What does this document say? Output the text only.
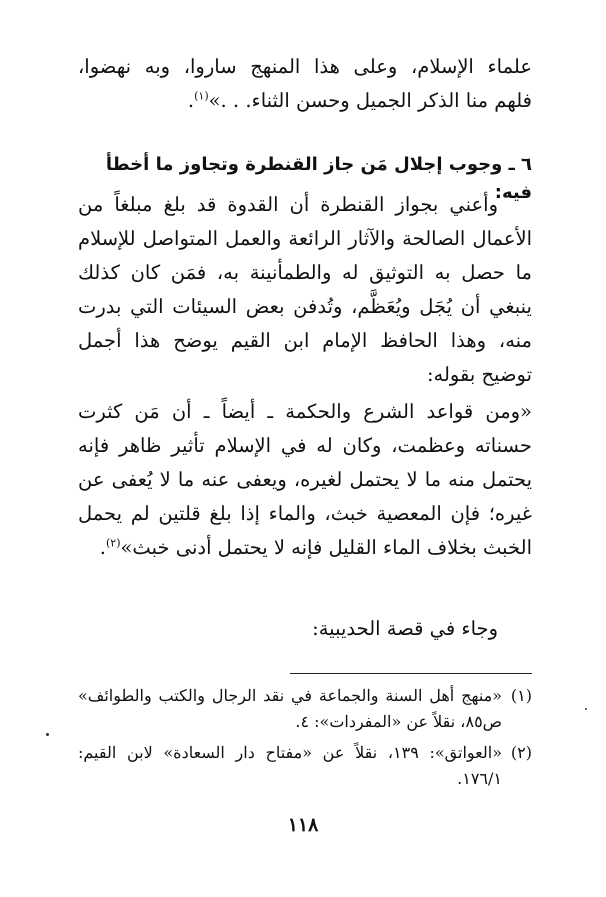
علماء الإسلام، وعلى هذا المنهج ساروا، وبه نهضوا،
فلهم منا الذكر الجميل وحسن الثناء. . .»$^{(١)}$.

٦ ـ وجوب إجلال مَن جاز القنطرة وتجاوز ما أخطأ فيه:

وأعني بجواز القنطرة أن القدوة قد بلغ مبلغاً من الأعمال الصالحة والآثار الرائعة والعمل المتواصل للإسلام ما حصل به التوثيق له والطمأنينة به، فمَن كان كذلك ينبغي أن يُجَل ويُعَظَّم، وتُدفن بعض السيئات التي بدرت منه، وهذا الحافظ الإمام ابن القيم يوضح هذا أجمل توضيح بقوله:

«ومن قواعد الشرع والحكمة ـ أيضاً ـ أن مَن كثرت حسناته وعظمت، وكان له في الإسلام تأثير ظاهر فإنه يحتمل منه ما لا يحتمل لغيره، ويعفى عنه ما لا يُعفى عن غيره؛ فإن المعصية خبث، والماء إذا بلغ قلتين لم يحمل الخبث بخلاف الماء القليل فإنه لا يحتمل أدنى خبث»$^{(٢)}$.

وجاء في قصة الحديبية:

(١)
«منهج أهل السنة والجماعة في نقد الرجال والكتب والطوائف» ص٨٥، نقلاً عن «المفردات»: ٤.
(٢)
«العواتق»: ١٣٩، نقلاً عن «مفتاح دار السعادة» لابن القيم: ١٧٦/١.
١١٨
